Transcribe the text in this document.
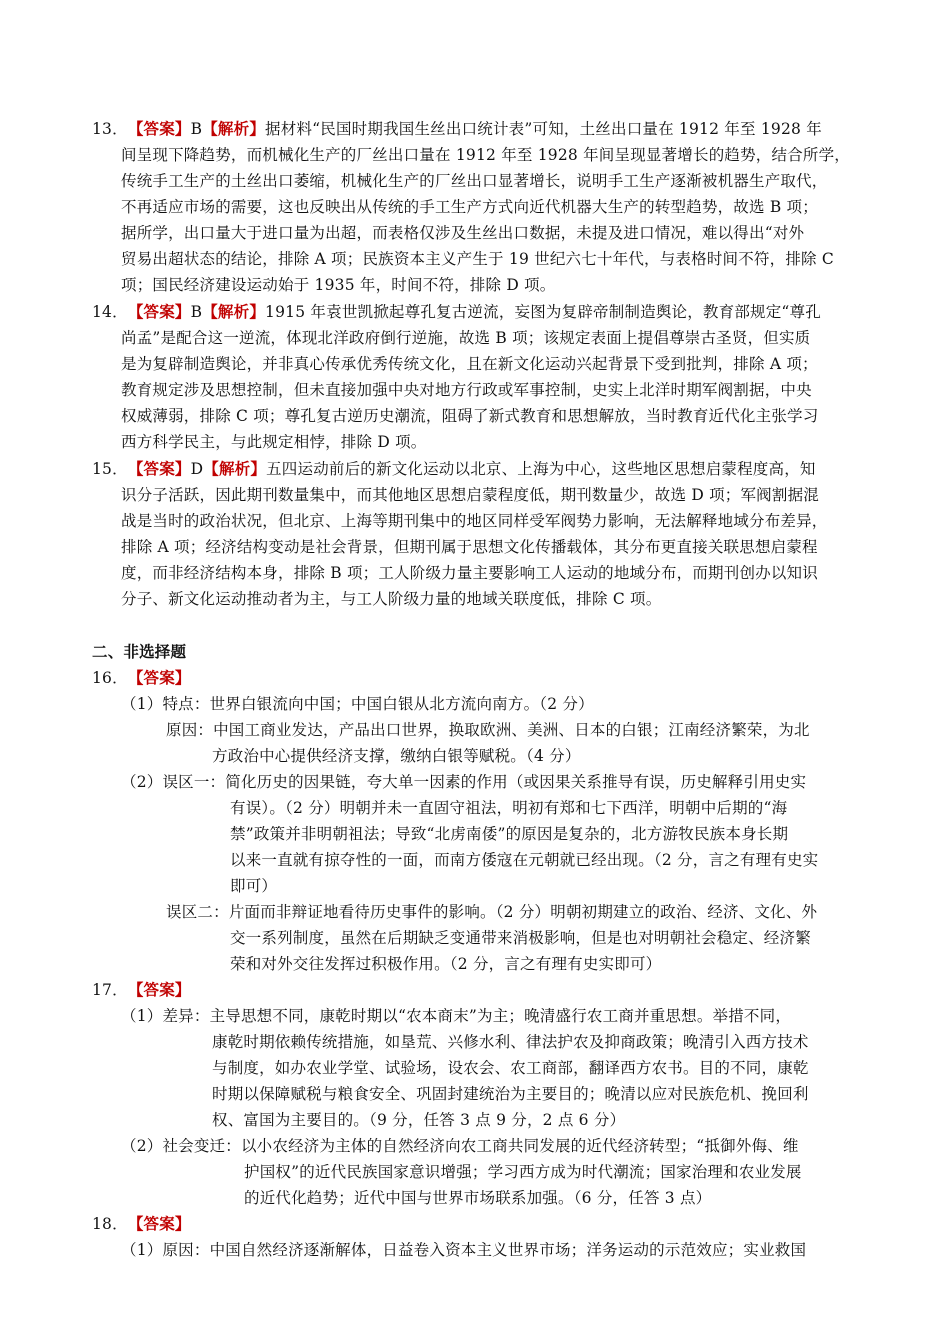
13．【答案】B【解析】据材料“民国时期我国生丝出口统计表”可知，土丝出口量在 1912 年至 1928 年
间呈现下降趋势，而机械化生产的厂丝出口量在 1912 年至 1928 年间呈现显著增长的趋势，结合所学，
传统手工生产的土丝出口萎缩，机械化生产的厂丝出口显著增长，说明手工生产逐渐被机器生产取代，
不再适应市场的需要，这也反映出从传统的手工生产方式向近代机器大生产的转型趋势，故选 B 项；
据所学，出口量大于进口量为出超，而表格仅涉及生丝出口数据，未提及进口情况，难以得出“对外
贸易出超状态的结论，排除 A 项；民族资本主义产生于 19 世纪六七十年代，与表格时间不符，排除 C
项；国民经济建设运动始于 1935 年，时间不符，排除 D 项。
14．【答案】B【解析】1915 年袁世凯掀起尊孔复古逆流，妄图为复辟帝制制造舆论，教育部规定“尊孔
尚孟”是配合这一逆流，体现北洋政府倒行逆施，故选 B 项；该规定表面上提倡尊崇古圣贤，但实质
是为复辟制造舆论，并非真心传承优秀传统文化，且在新文化运动兴起背景下受到批判，排除 A 项；
教育规定涉及思想控制，但未直接加强中央对地方行政或军事控制，史实上北洋时期军阀割据，中央
权威薄弱，排除 C 项；尊孔复古逆历史潮流，阻碍了新式教育和思想解放，当时教育近代化主张学习
西方科学民主，与此规定相悖，排除 D 项。
15．【答案】D【解析】五四运动前后的新文化运动以北京、上海为中心，这些地区思想启蒙程度高，知
识分子活跃，因此期刊数量集中，而其他地区思想启蒙程度低，期刊数量少，故选 D 项；军阀割据混
战是当时的政治状况，但北京、上海等期刊集中的地区同样受军阀势力影响，无法解释地域分布差异，
排除 A 项；经济结构变动是社会背景，但期刊属于思想文化传播载体，其分布更直接关联思想启蒙程
度，而非经济结构本身，排除 B 项；工人阶级力量主要影响工人运动的地域分布，而期刊创办以知识
分子、新文化运动推动者为主，与工人阶级力量的地域关联度低，排除 C 项。
二、非选择题
16．【答案】
（1）特点：世界白银流向中国；中国白银从北方流向南方。（2 分）
原因：中国工商业发达，产品出口世界，换取欧洲、美洲、日本的白银；江南经济繁荣，为北
方政治中心提供经济支撑，缴纳白银等赋税。（4 分）
（2）误区一：简化历史的因果链，夸大单一因素的作用（或因果关系推导有误，历史解释引用史实
有误）。（2 分）明朝并未一直固守祖法，明初有郑和七下西洋，明朝中后期的“海
禁”政策并非明朝祖法；导致“北虏南倭”的原因是复杂的，北方游牧民族本身长期
以来一直就有掠夺性的一面，而南方倭寇在元朝就已经出现。（2 分，言之有理有史实
即可）
误区二：片面而非辩证地看待历史事件的影响。（2 分）明朝初期建立的政治、经济、文化、外
交一系列制度，虽然在后期缺乏变通带来消极影响，但是也对明朝社会稳定、经济繁
荣和对外交往发挥过积极作用。（2 分，言之有理有史实即可）
17．【答案】
（1）差异：主导思想不同，康乾时期以“农本商末”为主；晚清盛行农工商并重思想。举措不同，
康乾时期依赖传统措施，如垦荒、兴修水利、律法护农及抑商政策；晚清引入西方技术
与制度，如办农业学堂、试验场，设农会、农工商部，翻译西方农书。目的不同，康乾
时期以保障赋税与粮食安全、巩固封建统治为主要目的；晚清以应对民族危机、挽回利
权、富国为主要目的。（9 分，任答 3 点 9 分，2 点 6 分）
（2）社会变迁：以小农经济为主体的自然经济向农工商共同发展的近代经济转型；“抵御外侮、维
护国权”的近代民族国家意识增强；学习西方成为时代潮流；国家治理和农业发展
的近代化趋势；近代中国与世界市场联系加强。（6 分，任答 3 点）
18．【答案】
（1）原因：中国自然经济逐渐解体，日益卷入资本主义世界市场；洋务运动的示范效应；实业救国
